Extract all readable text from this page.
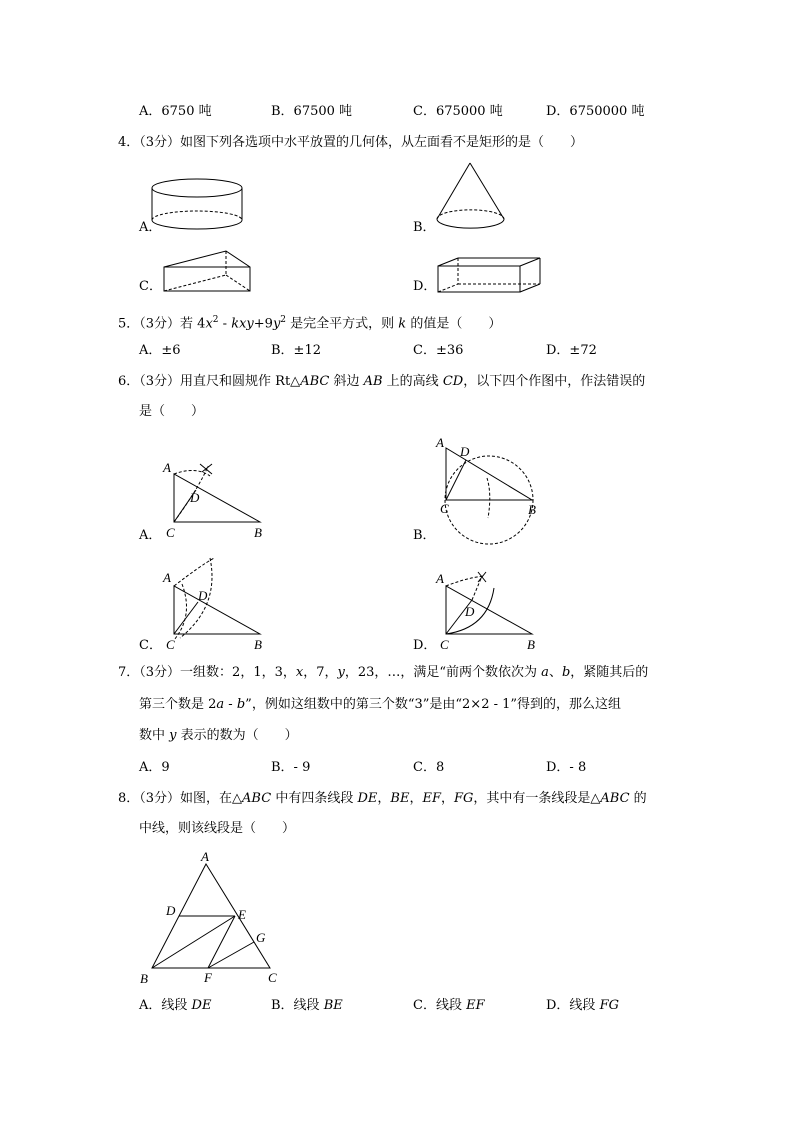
A．6750 吨	B．67500 吨	C．675000 吨	D．6750000 吨
4．（3分）如图下列各选项中水平放置的几何体，从左面看不是矩形的是（　　）
A．	B．
C．	D．
5．（3分）若 $4x^2 - kxy+9y^2$ 是完全平方式，则 k 的值是（　　）
A．±6	B．±12	C．±36	D．±72
6．（3分）用直尺和圆规作 Rt△ABC 斜边 AB 上的高线 CD，以下四个作图中，作法错误的
是（　　）
A．
A
D
C	B	B．
A
D
C	B
C．
A
D
C	B	D．
A
D
C	B
7．（3分）一组数：2，1，3，x，7，y，23，…，满足“前两个数依次为 a、b，紧随其后的
第三个数是 2a - b”，例如这组数中的第三个数“3”是由“2×2 - 1”得到的，那么这组
数中 y 表示的数为（　　）
A．9	B．- 9	C．8	D．- 8
8．（3分）如图，在△ABC 中有四条线段 DE，BE，EF，FG，其中有一条线段是△ABC 的
中线，则该线段是（　　）
A
D	E
G
B	F	C
A．线段 DE	B．线段 BE	C．线段 EF	D．线段 FG
